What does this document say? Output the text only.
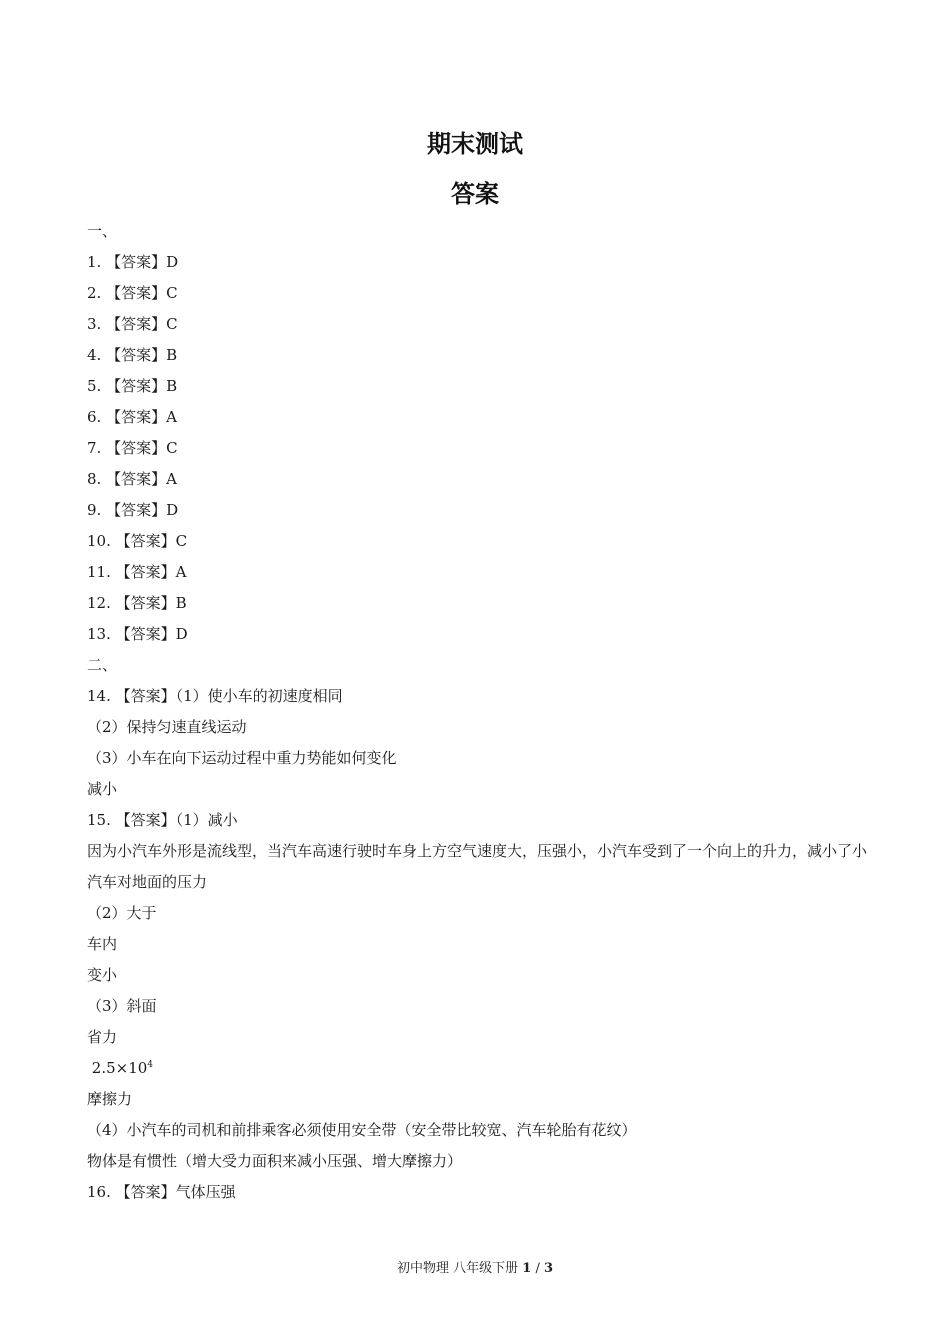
期末测试
答案
一、
1. 【答案】D
2. 【答案】C
3. 【答案】C
4. 【答案】B
5. 【答案】B
6. 【答案】A
7. 【答案】C
8. 【答案】A
9. 【答案】D
10. 【答案】C
11. 【答案】A
12. 【答案】B
13. 【答案】D
二、
14. 【答案】（1）使小车的初速度相同
（2）保持匀速直线运动
（3）小车在向下运动过程中重力势能如何变化
减小
15. 【答案】（1）减小
因为小汽车外形是流线型，当汽车高速行驶时车身上方空气速度大，压强小，小汽车受到了一个向上的升力，减小了小汽车对地面的压力
（2）大于
车内
变小
（3）斜面
省力
$2.5\times 10^4$
摩擦力
（4）小汽车的司机和前排乘客必须使用安全带（安全带比较宽、汽车轮胎有花纹）
物体是有惯性（增大受力面积来减小压强、增大摩擦力）
16. 【答案】气体压强
初中物理 八年级下册 1 / 3
